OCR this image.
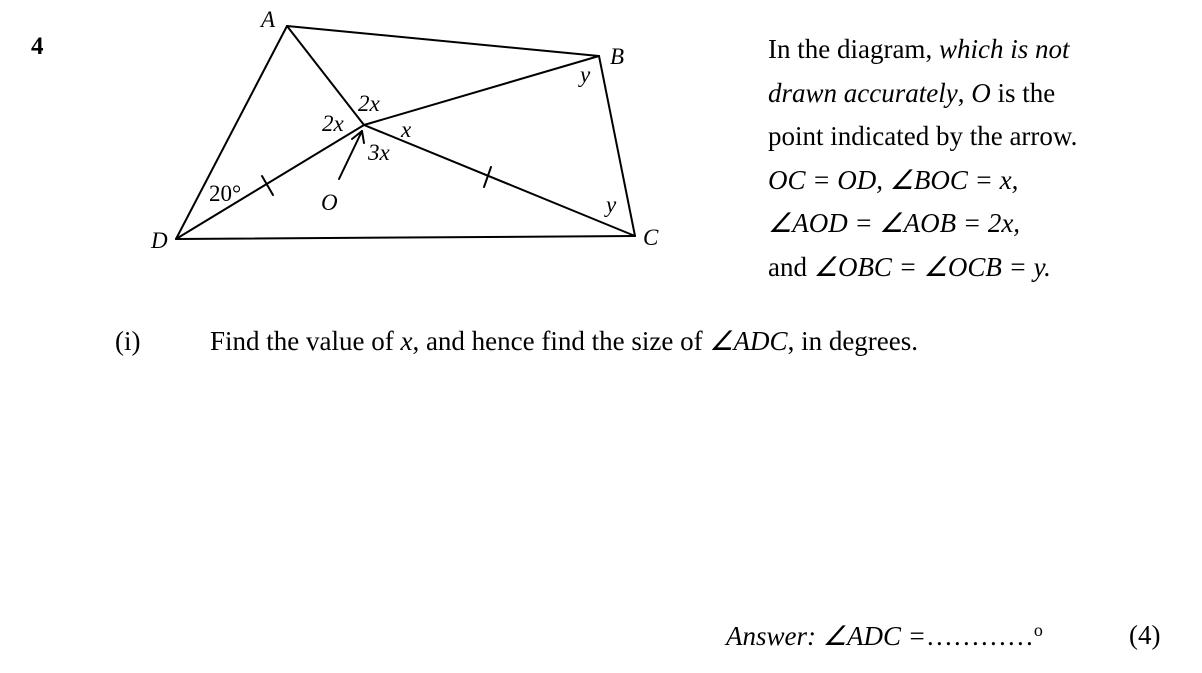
4
A
B
C
D
O
20°
2x
2x
x
3x
y
y
In the diagram, which is not
drawn accurately, O is the
point indicated by the arrow.
OC = OD, ∠BOC = x,
∠AOD = ∠AOB = 2x,
and ∠OBC = ∠OCB = y.
(i)	Find the value of x, and hence find the size of ∠ADC, in degrees.
Answer: ∠ADC =…………$^o$	(4)
